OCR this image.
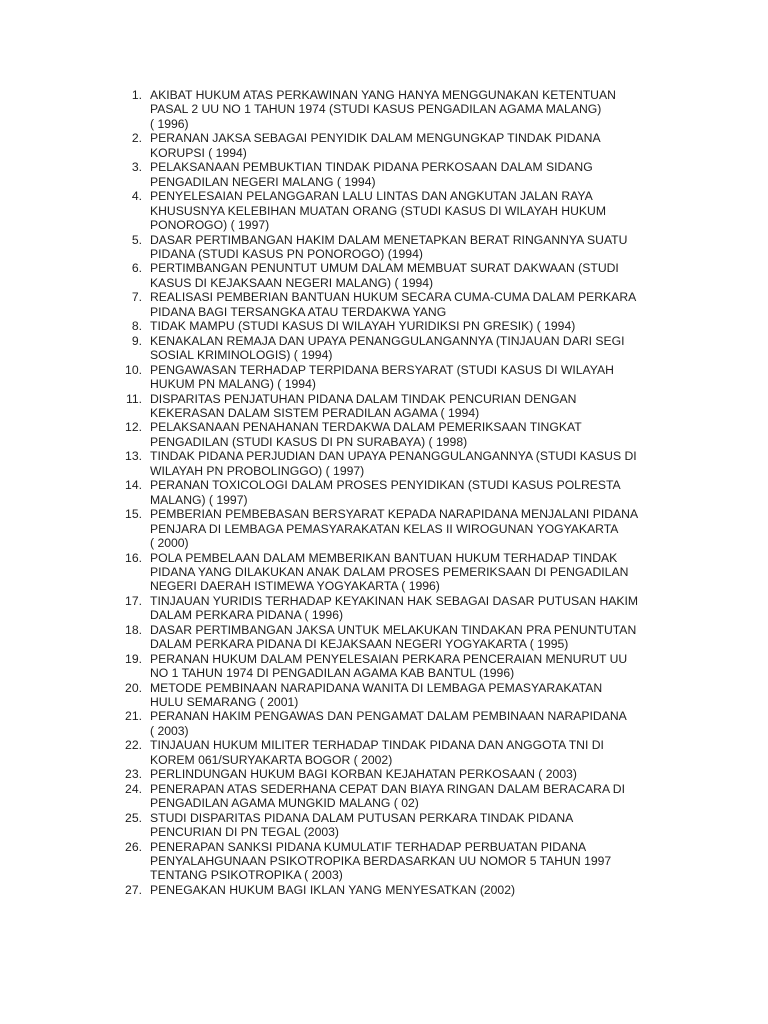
1. AKIBAT HUKUM ATAS PERKAWINAN YANG HANYA MENGGUNAKAN KETENTUAN
PASAL 2 UU NO 1 TAHUN 1974 (STUDI KASUS PENGADILAN AGAMA MALANG)
( 1996)
2. PERANAN JAKSA SEBAGAI PENYIDIK DALAM MENGUNGKAP TINDAK PIDANA
KORUPSI ( 1994)
3. PELAKSANAAN PEMBUKTIAN TINDAK PIDANA PERKOSAAN DALAM SIDANG
PENGADILAN NEGERI MALANG ( 1994)
4. PENYELESAIAN PELANGGARAN LALU LINTAS DAN ANGKUTAN JALAN RAYA
KHUSUSNYA KELEBIHAN MUATAN ORANG (STUDI KASUS DI WILAYAH HUKUM
PONOROGO) ( 1997)
5. DASAR PERTIMBANGAN HAKIM DALAM MENETAPKAN BERAT RINGANNYA SUATU
PIDANA (STUDI KASUS PN PONOROGO) (1994)
6. PERTIMBANGAN PENUNTUT UMUM DALAM MEMBUAT SURAT DAKWAAN (STUDI
KASUS DI KEJAKSAAN NEGERI MALANG) ( 1994)
7. REALISASI PEMBERIAN BANTUAN HUKUM SECARA CUMA-CUMA DALAM PERKARA
PIDANA BAGI TERSANGKA ATAU TERDAKWA YANG
8. TIDAK MAMPU (STUDI KASUS DI WILAYAH YURIDIKSI PN GRESIK) ( 1994)
9. KENAKALAN REMAJA DAN UPAYA PENANGGULANGANNYA (TINJAUAN DARI SEGI
SOSIAL KRIMINOLOGIS) ( 1994)
10. PENGAWASAN TERHADAP TERPIDANA BERSYARAT (STUDI KASUS DI WILAYAH
HUKUM PN MALANG) ( 1994)
11. DISPARITAS PENJATUHAN PIDANA DALAM TINDAK PENCURIAN DENGAN
KEKERASAN DALAM SISTEM PERADILAN AGAMA ( 1994)
12. PELAKSANAAN PENAHANAN TERDAKWA DALAM PEMERIKSAAN TINGKAT
PENGADILAN (STUDI KASUS DI PN SURABAYA) ( 1998)
13. TINDAK PIDANA PERJUDIAN DAN UPAYA PENANGGULANGANNYA (STUDI KASUS DI
WILAYAH PN PROBOLINGGO) ( 1997)
14. PERANAN TOXICOLOGI DALAM PROSES PENYIDIKAN (STUDI KASUS POLRESTA
MALANG) ( 1997)
15. PEMBERIAN PEMBEBASAN BERSYARAT KEPADA NARAPIDANA MENJALANI PIDANA
PENJARA DI LEMBAGA PEMASYARAKATAN KELAS II WIROGUNAN YOGYAKARTA
( 2000)
16. POLA PEMBELAAN DALAM MEMBERIKAN BANTUAN HUKUM TERHADAP TINDAK
PIDANA YANG DILAKUKAN ANAK DALAM PROSES PEMERIKSAAN DI PENGADILAN
NEGERI DAERAH ISTIMEWA YOGYAKARTA ( 1996)
17. TINJAUAN YURIDIS TERHADAP KEYAKINAN HAK SEBAGAI DASAR PUTUSAN HAKIM
DALAM PERKARA PIDANA ( 1996)
18. DASAR PERTIMBANGAN JAKSA UNTUK MELAKUKAN TINDAKAN PRA PENUNTUTAN
DALAM PERKARA PIDANA DI KEJAKSAAN NEGERI YOGYAKARTA ( 1995)
19. PERANAN HUKUM DALAM PENYELESAIAN PERKARA PENCERAIAN MENURUT UU
NO 1 TAHUN 1974 DI PENGADILAN AGAMA KAB BANTUL (1996)
20. METODE PEMBINAAN NARAPIDANA WANITA DI LEMBAGA PEMASYARAKATAN
HULU SEMARANG ( 2001)
21. PERANAN HAKIM PENGAWAS DAN PENGAMAT DALAM PEMBINAAN NARAPIDANA
( 2003)
22. TINJAUAN HUKUM MILITER TERHADAP TINDAK PIDANA DAN ANGGOTA TNI DI
KOREM 061/SURYAKARTA BOGOR ( 2002)
23. PERLINDUNGAN HUKUM BAGI KORBAN KEJAHATAN PERKOSAAN ( 2003)
24. PENERAPAN ATAS SEDERHANA CEPAT DAN BIAYA RINGAN DALAM BERACARA DI
PENGADILAN AGAMA MUNGKID MALANG ( 02)
25. STUDI DISPARITAS PIDANA DALAM PUTUSAN PERKARA TINDAK PIDANA
PENCURIAN DI PN TEGAL (2003)
26. PENERAPAN SANKSI PIDANA KUMULATIF TERHADAP PERBUATAN PIDANA
PENYALAHGUNAAN PSIKOTROPIKA BERDASARKAN UU NOMOR 5 TAHUN 1997
TENTANG PSIKOTROPIKA ( 2003)
27. PENEGAKAN HUKUM BAGI IKLAN YANG MENYESATKAN (2002)
